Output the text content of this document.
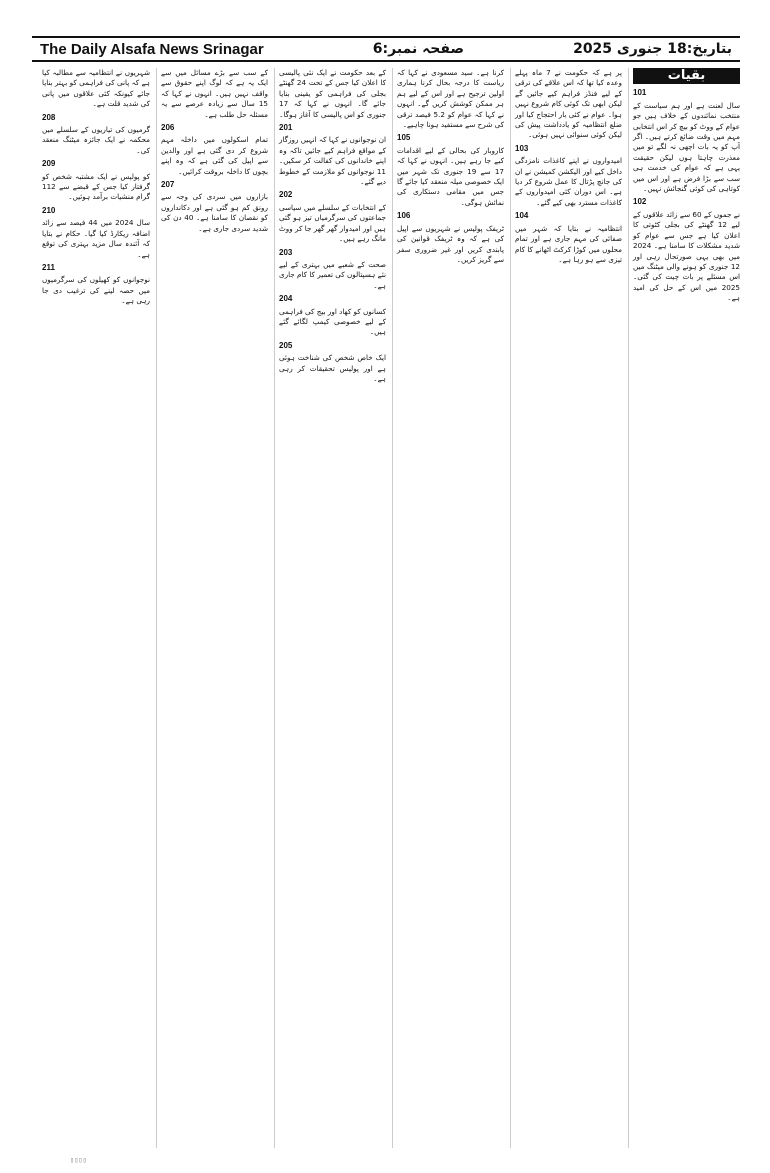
The Daily Alsafa News Srinagar	صفحہ نمبر:6	بتاریخ:18 جنوری 2025
بقیات
101

سال لعنت ہے اور ہم سیاست کے منتخب نمائندوں کے خلاف ہیں جو عوام کے ووٹ کو بیچ کر اس انتخابی مہم میں وقت ضائع کرتے ہیں۔ اگر آپ کو یہ بات اچھی نہ لگے تو میں معذرت چاہتا ہوں لیکن حقیقت یہی ہے کہ عوام کی خدمت ہی سب سے بڑا فرض ہے اور اس میں کوتاہی کی کوئی گنجائش نہیں۔

102

نے جموں کے 60 سے زائد علاقوں کے لیے 12 گھنٹے کی بجلی کٹوتی کا اعلان کیا ہے جس سے عوام کو شدید مشکلات کا سامنا ہے۔ 2024 میں بھی یہی صورتحال رہی اور 12 جنوری کو ہونے والی میٹنگ میں اس مسئلے پر بات چیت کی گئی۔ 2025 میں اس کے حل کی امید ہے۔

پر ہے کہ حکومت نے 7 ماہ پہلے وعدہ کیا تھا کہ اس علاقے کی ترقی کے لیے فنڈز فراہم کیے جائیں گے لیکن ابھی تک کوئی کام شروع نہیں ہوا۔ عوام نے کئی بار احتجاج کیا اور ضلع انتظامیہ کو یادداشت پیش کی لیکن کوئی سنوائی نہیں ہوئی۔

103

امیدواروں نے اپنے کاغذات نامزدگی داخل کیے اور الیکشن کمیشن نے ان کی جانچ پڑتال کا عمل شروع کر دیا ہے۔ اس دوران کئی امیدواروں کے کاغذات مسترد بھی کیے گئے۔

104

انتظامیہ نے بتایا کہ شہر میں صفائی کی مہم جاری ہے اور تمام محلوں میں کوڑا کرکٹ اٹھانے کا کام تیزی سے ہو رہا ہے۔

کرنا ہے۔ سید مسعودی نے کہا کہ ریاست کا درجہ بحال کرنا ہماری اولین ترجیح ہے اور اس کے لیے ہم ہر ممکن کوشش کریں گے۔ انہوں نے کہا کہ عوام کو 5.2 فیصد ترقی کی شرح سے مستفید ہونا چاہیے۔

105

کاروبار کی بحالی کے لیے اقدامات کیے جا رہے ہیں۔ انہوں نے کہا کہ 17 سے 19 جنوری تک شہر میں ایک خصوصی میلہ منعقد کیا جائے گا جس میں مقامی دستکاری کی نمائش ہوگی۔

106

ٹریفک پولیس نے شہریوں سے اپیل کی ہے کہ وہ ٹریفک قوانین کی پابندی کریں اور غیر ضروری سفر سے گریز کریں۔

کے بعد حکومت نے ایک نئی پالیسی کا اعلان کیا جس کے تحت 24 گھنٹے بجلی کی فراہمی کو یقینی بنایا جائے گا۔ انہوں نے کہا کہ 17 جنوری کو اس پالیسی کا آغاز ہوگا۔

201

ان نوجوانوں نے کہا کہ انہیں روزگار کے مواقع فراہم کیے جائیں تاکہ وہ اپنے خاندانوں کی کفالت کر سکیں۔ 11 نوجوانوں کو ملازمت کے خطوط دیے گئے۔

202

کے انتخابات کے سلسلے میں سیاسی جماعتوں کی سرگرمیاں تیز ہو گئی ہیں اور امیدوار گھر گھر جا کر ووٹ مانگ رہے ہیں۔

203

صحت کے شعبے میں بہتری کے لیے نئے ہسپتالوں کی تعمیر کا کام جاری ہے۔

204

کسانوں کو کھاد اور بیج کی فراہمی کے لیے خصوصی کیمپ لگائے گئے ہیں۔

205

ایک خاص شخص کی شناخت ہوئی ہے اور پولیس تحقیقات کر رہی ہے۔

کے سب سے بڑے مسائل میں سے ایک یہ ہے کہ لوگ اپنے حقوق سے واقف نہیں ہیں۔ انہوں نے کہا کہ 15 سال سے زیادہ عرصے سے یہ مسئلہ حل طلب ہے۔

206

تمام اسکولوں میں داخلہ مہم شروع کر دی گئی ہے اور والدین سے اپیل کی گئی ہے کہ وہ اپنے بچوں کا داخلہ بروقت کرائیں۔

207

بازاروں میں سردی کی وجہ سے رونق کم ہو گئی ہے اور دکانداروں کو نقصان کا سامنا ہے۔ 40 دن کی شدید سردی جاری ہے۔

شہریوں نے انتظامیہ سے مطالبہ کیا ہے کہ پانی کی فراہمی کو بہتر بنایا جائے کیونکہ کئی علاقوں میں پانی کی شدید قلت ہے۔

208

گرمیوں کی تیاریوں کے سلسلے میں محکمہ نے ایک جائزہ میٹنگ منعقد کی۔

209

کو پولیس نے ایک مشتبہ شخص کو گرفتار کیا جس کے قبضے سے 112 گرام منشیات برآمد ہوئیں۔

210

سال 2024 میں 44 فیصد سے زائد اضافہ ریکارڈ کیا گیا۔ حکام نے بتایا کہ آئندہ سال مزید بہتری کی توقع ہے۔

211

نوجوانوں کو کھیلوں کی سرگرمیوں میں حصہ لینے کی ترغیب دی جا رہی ہے۔

▯▯▯▯
